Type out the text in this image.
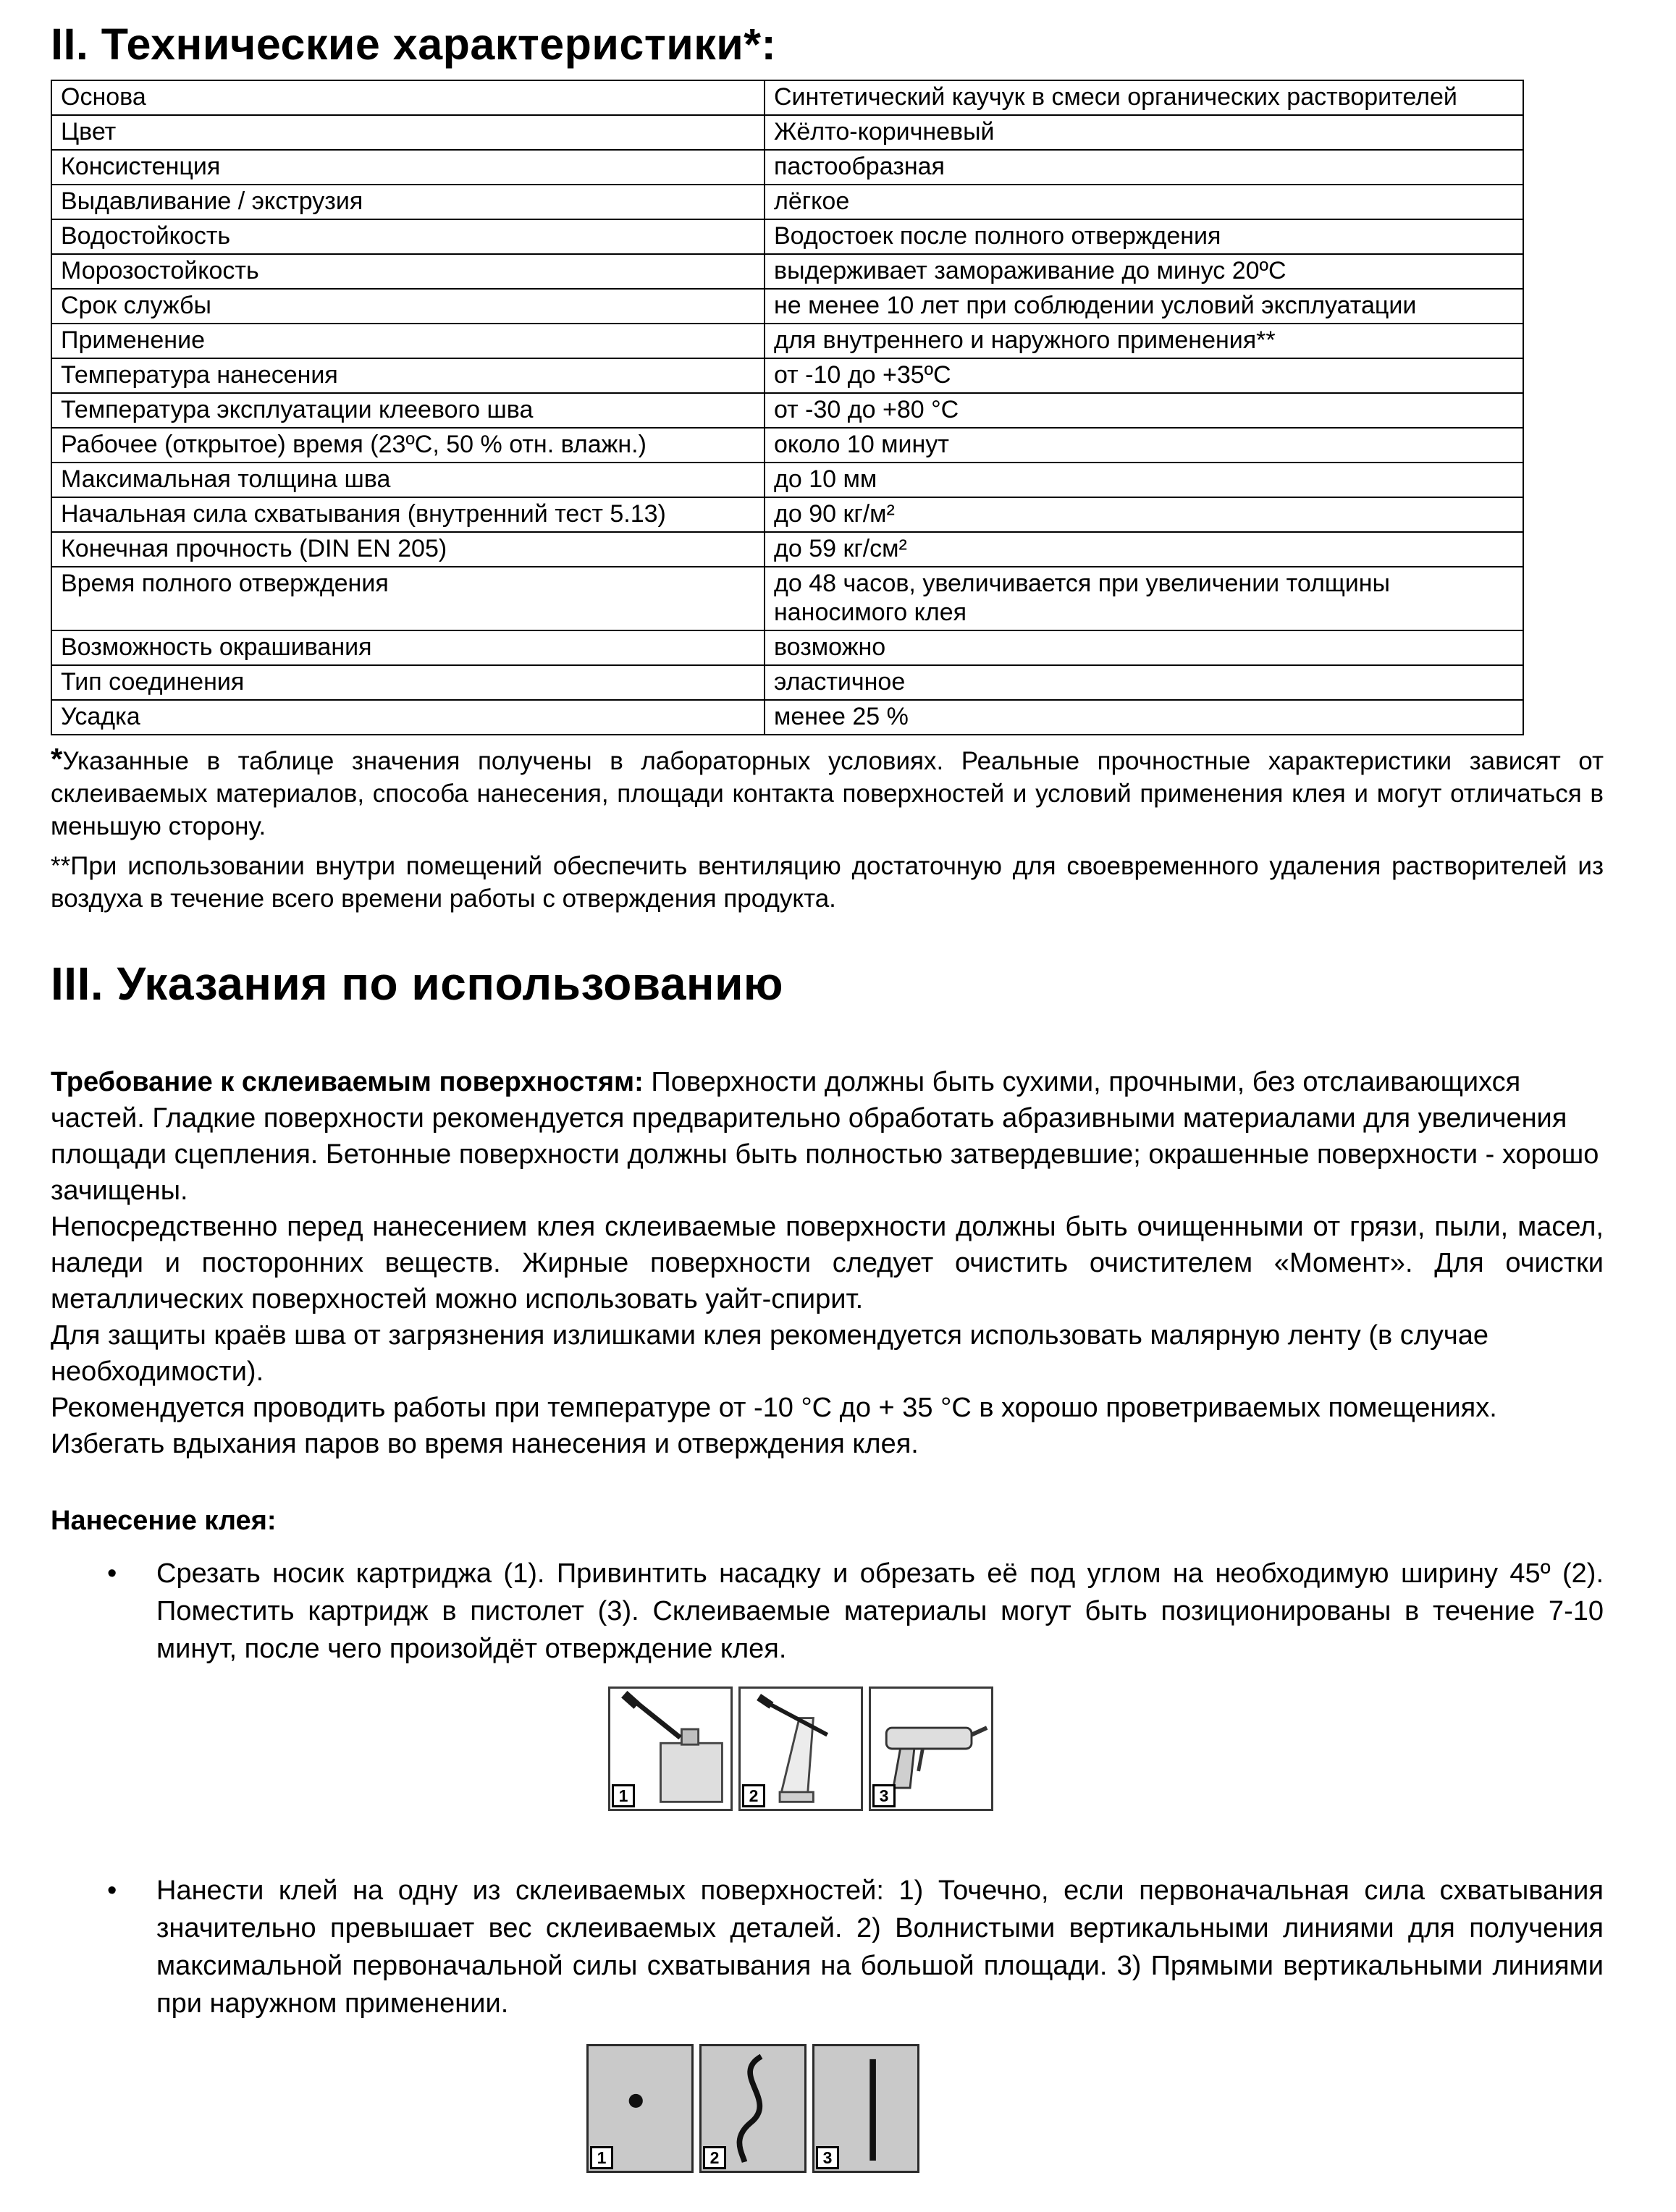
II. Технические характеристики*:
Основа	Синтетический каучук в смеси органических растворителей
Цвет	Жёлто-коричневый
Консистенция	пастообразная
Выдавливание / экструзия	лёгкое
Водостойкость	Водостоек после полного отверждения
Морозостойкость	выдерживает замораживание до минус 20ºС
Срок службы	не менее 10 лет при соблюдении условий эксплуатации
Применение	для внутреннего и наружного применения**
Температура нанесения	от -10 до +35ºС
Температура эксплуатации клеевого шва	от -30 до +80 °С
Рабочее (открытое) время (23ºС, 50 % отн. влажн.)	около 10 минут
Максимальная толщина шва	до 10 мм
Начальная сила схватывания (внутренний тест 5.13)	до 90 кг/м²
Конечная прочность (DIN EN 205)	до 59 кг/см²
Время полного отверждения	до 48 часов, увеличивается при увеличении толщины наносимого клея
Возможность окрашивания	возможно
Тип соединения	эластичное
Усадка	менее 25 %

*Указанные в таблице значения получены в лабораторных условиях. Реальные прочностные характеристики зависят от склеиваемых материалов, способа нанесения, площади контакта поверхностей и условий применения клея и могут отличаться в меньшую сторону.

**При использовании внутри помещений обеспечить вентиляцию достаточную для своевременного удаления растворителей из воздуха в течение всего времени работы с отверждения продукта.

III. Указания по использованию

Требование к склеиваемым поверхностям: Поверхности должны быть сухими, прочными, без отслаивающихся частей. Гладкие поверхности рекомендуется предварительно обработать абразивными материалами для увеличения площади сцепления. Бетонные поверхности должны быть полностью затвердевшие; окрашенные поверхности - хорошо зачищены.

Непосредственно перед нанесением клея склеиваемые поверхности должны быть очищенными от грязи, пыли, масел, наледи и посторонних веществ. Жирные поверхности следует очистить очистителем «Момент». Для очистки металлических поверхностей можно использовать уайт-спирит.

Для защиты краёв шва от загрязнения излишками клея рекомендуется использовать малярную ленту (в случае необходимости).

Рекомендуется проводить работы при температуре от -10 °C до + 35 °C в хорошо проветриваемых помещениях. Избегать вдыхания паров во время нанесения и отверждения клея.

Нанесение клея:

•	Срезать носик картриджа (1). Привинтить насадку и обрезать её под углом на необходимую ширину 45º (2). Поместить картридж в пистолет (3). Склеиваемые материалы могут быть позиционированы в течение 7-10 минут, после чего произойдёт отверждение клея.
1	2	3
•	Нанести клей на одну из склеиваемых поверхностей: 1) Точечно, если первоначальная сила схватывания значительно превышает вес склеиваемых деталей. 2) Волнистыми вертикальными линиями для получения максимальной первоначальной силы схватывания на большой площади. 3) Прямыми вертикальными линиями при наружном применении.
1	2	3
